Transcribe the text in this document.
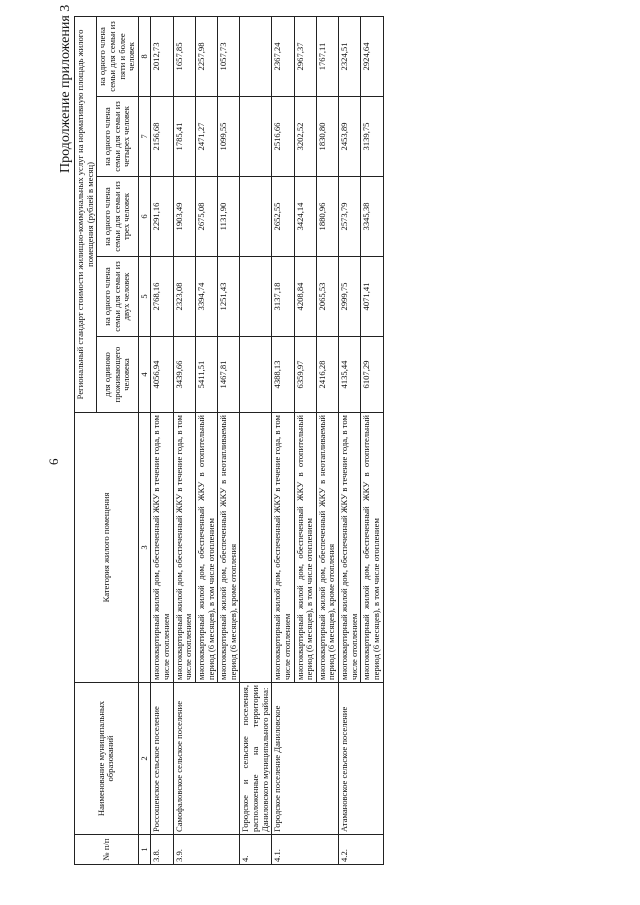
6
Продолжение приложения 3
№ п/п	Наименование муниципальных образований	Категория жилого помещения	Региональный стандарт стоимости жилищно-коммунальных услуг на нормативную площадь жилого помещения (рублей в месяц)				
			для одиноко проживающего человека	на одного члена семьи для семьи из двух человек	на одного члена семьи для семьи из трех человек	на одного члена семьи для семьи из четырех человек	на одного члена семьи для семьи из пяти и более человек
1	2	3	4	5	6	7	8
3.8.	Россошенское сельское поселение	многоквартирный жилой дом, обеспеченный ЖКУ в течение года, в том числе отоплением	4056,94	2768,16	2291,16	2156,68	2012,73
3.9.	Самофаловское сельское поселение	многоквартирный жилой дом, обеспеченный ЖКУ в течение года, в том числе отоплением	3439,66	2323,08	1903,49	1785,41	1657,85
		многоквартирный жилой дом, обеспеченный ЖКУ в отопительный период (6 месяцев), в том числе отоплением	5411,51	3394,74	2675,08	2471,27	2257,98
		многоквартирный жилой дом, обеспеченный ЖКУ в неотапливаемый период (6 месяцев), кроме отопления	1467,81	1251,43	1131,90	1099,55	1057,73
4.	Городское и сельские поселения, расположенные на территории Даниловского муниципального района:						
4.1.	Городское поселение Даниловское	многоквартирный жилой дом, обеспеченный ЖКУ в течение года, в том числе отоплением	4388,13	3137,18	2652,55	2516,66	2367,24
		многоквартирный жилой дом, обеспеченный ЖКУ в отопительный период (6 месяцев), в том числе отоплением	6359,97	4208,84	3424,14	3202,52	2967,37
		многоквартирный жилой дом, обеспеченный ЖКУ в неотапливаемый период (6 месяцев), кроме отопления	2416,28	2065,53	1880,96	1830,80	1767,11
4.2.	Атамановское сельское поселение	многоквартирный жилой дом, обеспеченный ЖКУ в течение года, в том числе отоплением	4135,44	2999,75	2573,79	2453,89	2324,51
		многоквартирный жилой дом, обеспеченный ЖКУ в отопительный период (6 месяцев), в том числе отоплением	6107,29	4071,41	3345,38	3139,75	2924,64
